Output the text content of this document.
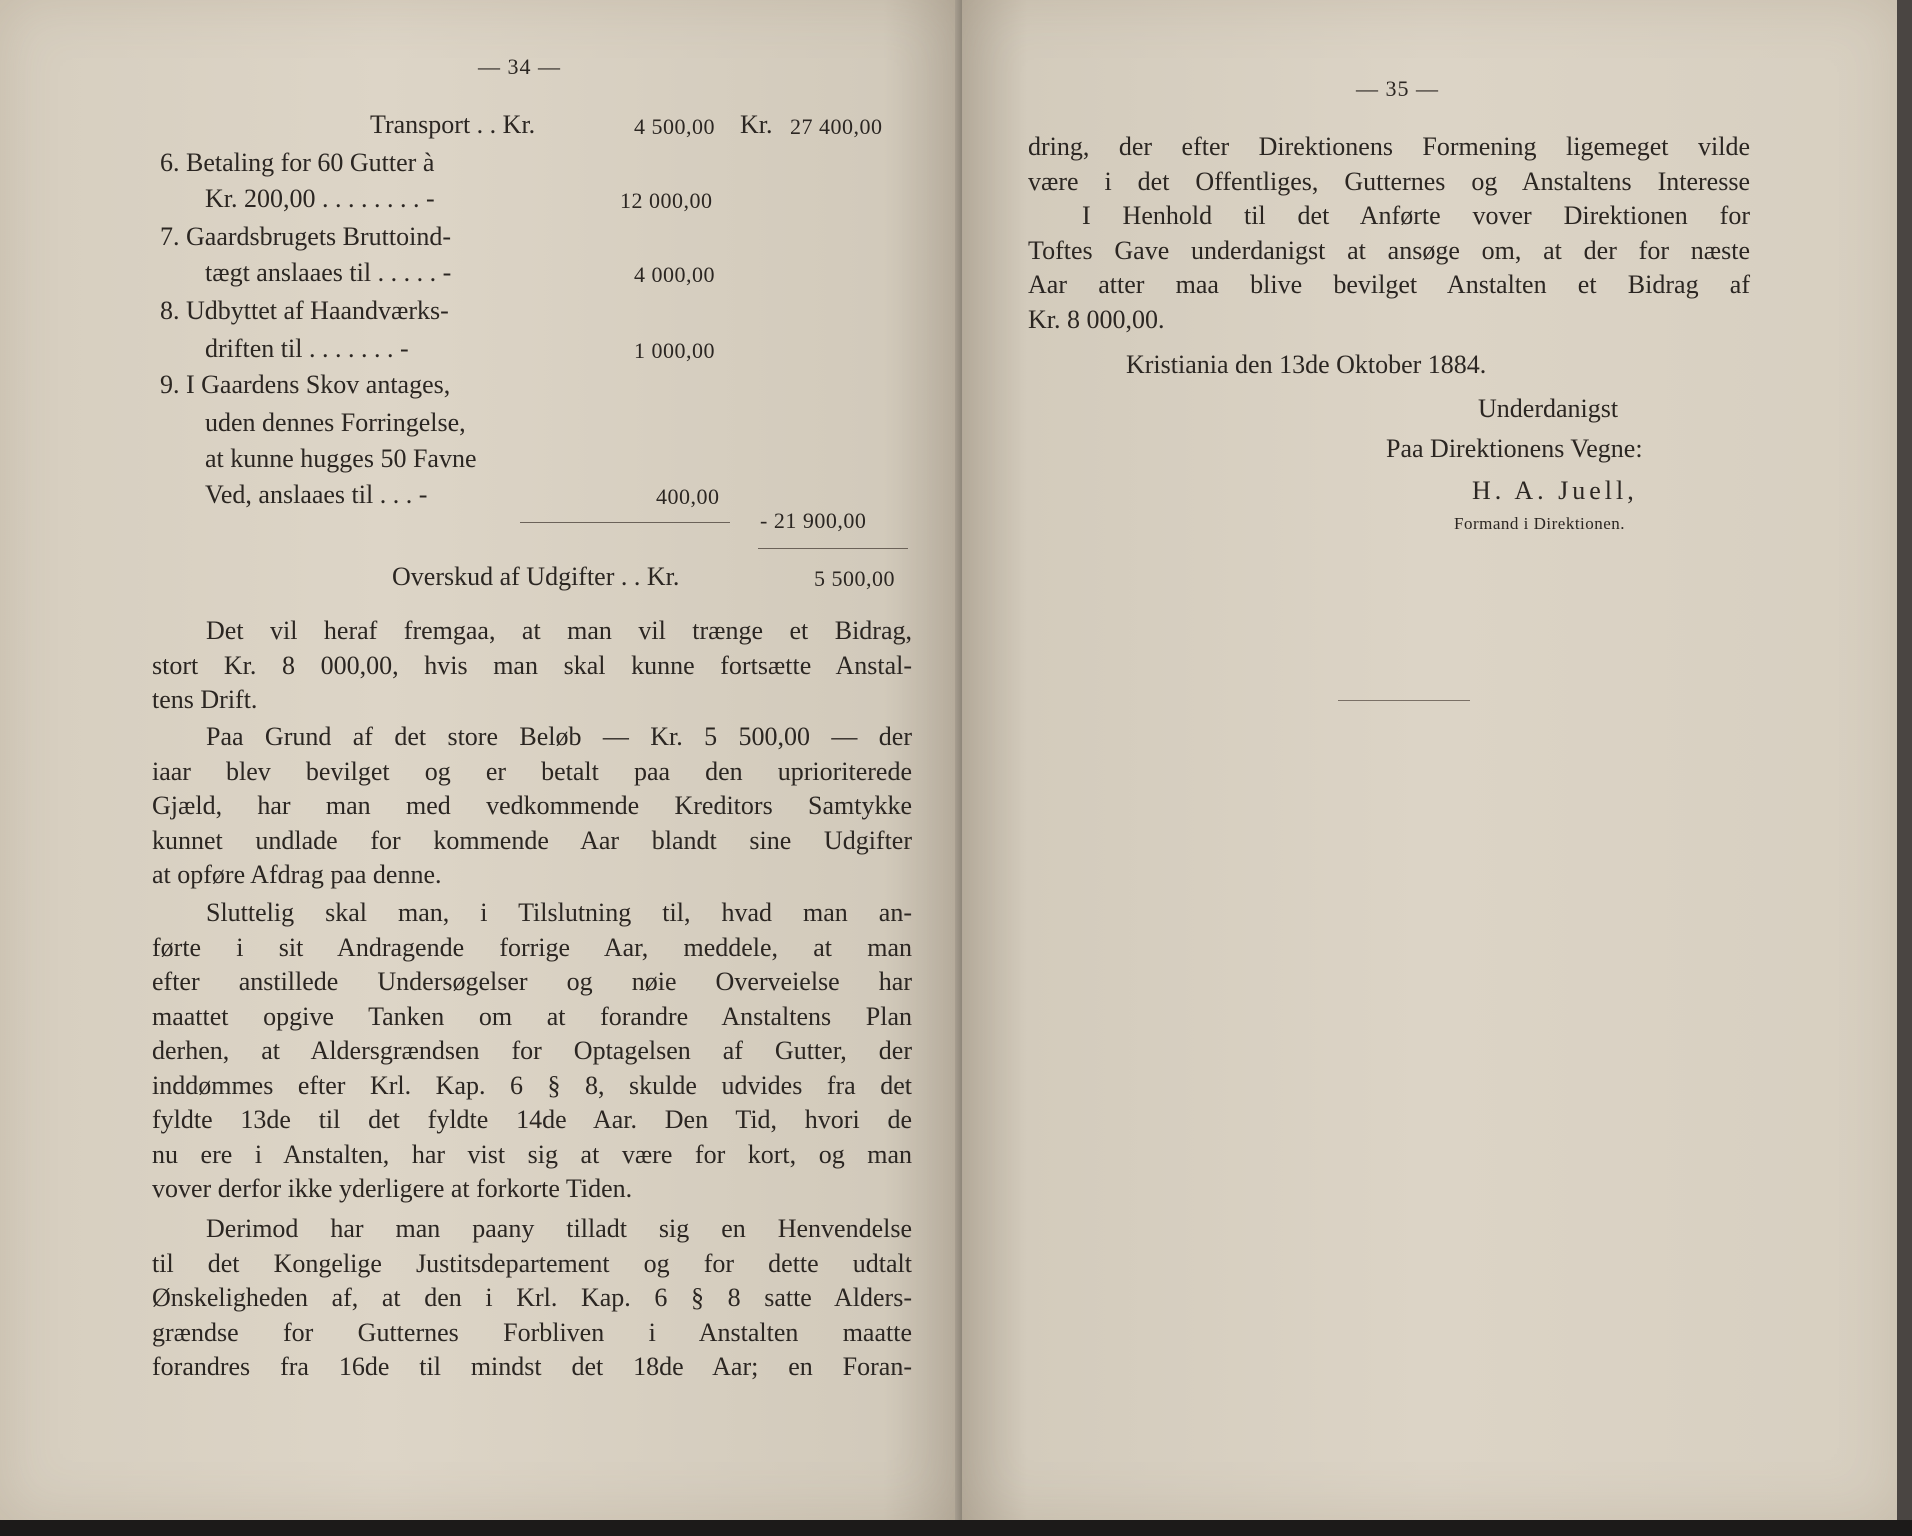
— 34 —
Transport . . Kr.	4 500,00 Kr. 27 400,00
6. Betaling for 60 Gutter à
Kr. 200,00 . . . . . . . . -	12 000,00
7. Gaardsbrugets Bruttoind-
tægt anslaaes til . . . . . -	4 000,00
8. Udbyttet af Haandværks-
driften til . . . . . . . -	1 000,00
9. I Gaardens Skov antages,
uden dennes Forringelse,
at kunne hugges 50 Favne
Ved, anslaaes til . . . -	400,00
- 21 900,00
Overskud af Udgifter . . Kr.	5 500,00
Det vil heraf fremgaa, at man vil trænge et Bidrag,
stort Kr. 8 000,00, hvis man skal kunne fortsætte Anstal-
tens Drift.
Paa Grund af det store Beløb — Kr. 5 500,00 — der
iaar blev bevilget og er betalt paa den uprioriterede
Gjæld, har man med vedkommende Kreditors Samtykke
kunnet undlade for kommende Aar blandt sine Udgifter
at opføre Afdrag paa denne.
Sluttelig skal man, i Tilslutning til, hvad man an-
førte i sit Andragende forrige Aar, meddele, at man
efter anstillede Undersøgelser og nøie Overveielse har
maattet opgive Tanken om at forandre Anstaltens Plan
derhen, at Aldersgrændsen for Optagelsen af Gutter, der
inddømmes efter Krl. Kap. 6 § 8, skulde udvides fra det
fyldte 13de til det fyldte 14de Aar. Den Tid, hvori de
nu ere i Anstalten, har vist sig at være for kort, og man
vover derfor ikke yderligere at forkorte Tiden.
Derimod har man paany tilladt sig en Henvendelse
til det Kongelige Justitsdepartement og for dette udtalt
Ønskeligheden af, at den i Krl. Kap. 6 § 8 satte Alders-
grændse for Gutternes Forbliven i Anstalten maatte
forandres fra 16de til mindst det 18de Aar; en Foran-
— 35 —
dring, der efter Direktionens Formening ligemeget vilde
være i det Offentliges, Gutternes og Anstaltens Interesse
I Henhold til det Anførte vover Direktionen for
Toftes Gave underdanigst at ansøge om, at der for næste
Aar atter maa blive bevilget Anstalten et Bidrag af
Kr. 8 000,00.
Kristiania den 13de Oktober 1884.
Underdanigst
Paa Direktionens Vegne:
H. A. Juell,
Formand i Direktionen.
